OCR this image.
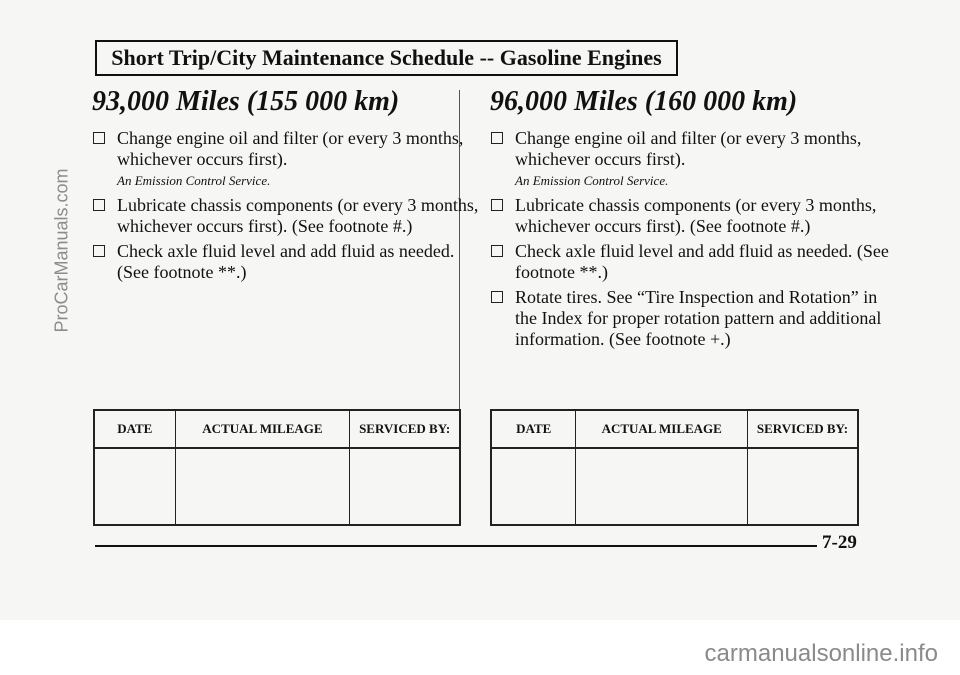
Short Trip/City Maintenance Schedule -- Gasoline Engines
93,000 Miles (155 000 km)
Change engine oil and filter (or every 3 months, whichever occurs first).
An Emission Control Service.
Lubricate chassis components (or every 3 months, whichever occurs first). (See footnote #.)
Check axle fluid level and add fluid as needed. (See footnote **.)
96,000 Miles (160 000 km)
Change engine oil and filter (or every 3 months, whichever occurs first).
An Emission Control Service.
Lubricate chassis components (or every 3 months, whichever occurs first). (See footnote #.)
Check axle fluid level and add fluid as needed. (See footnote **.)
Rotate tires. See “Tire Inspection and Rotation” in the Index for proper rotation pattern and additional information. (See footnote +.)
DATE	ACTUAL MILEAGE	SERVICED BY:
			DATE	ACTUAL MILEAGE	SERVICED BY:

7-29
ProCarManuals.com
carmanualsonline.info
